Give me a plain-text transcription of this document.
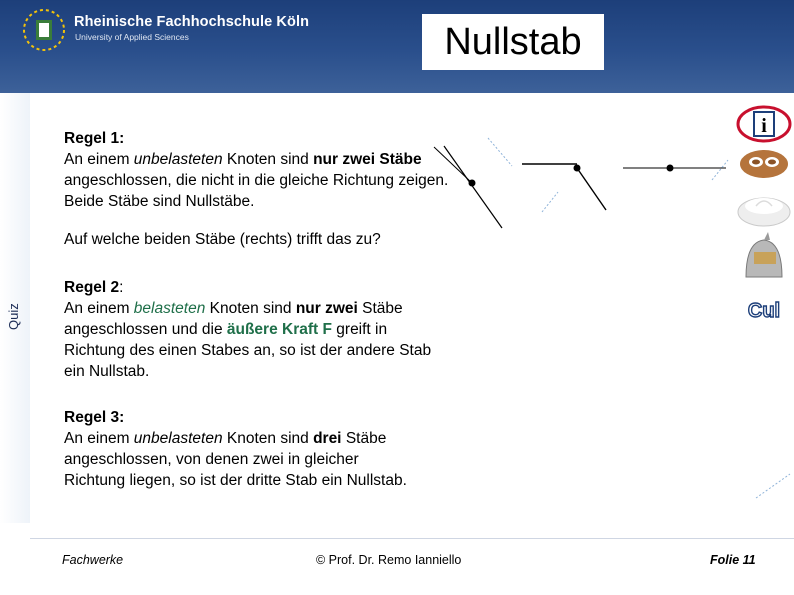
Rheinische Fachhochschule Köln
University of Applied Sciences	Nullstab
Quiz
Regel 1:
An einem unbelasteten Knoten sind nur zwei Stäbe angeschlossen, die nicht in die gleiche Richtung zeigen. Beide Stäbe sind Nullstäbe.
Auf welche beiden Stäbe (rechts) trifft das zu?
Regel 2:
An einem belasteten Knoten sind nur zwei Stäbe angeschlossen und die äußere Kraft F greift in Richtung des einen Stabes an, so ist der andere Stab ein Nullstab.
Regel 3:
An einem unbelasteten Knoten sind drei Stäbe angeschlossen, von denen zwei in gleicher Richtung liegen, so ist der dritte Stab ein Nullstab.
i
Cul
Fachwerke	© Prof. Dr. Remo Ianniello	Folie 11
